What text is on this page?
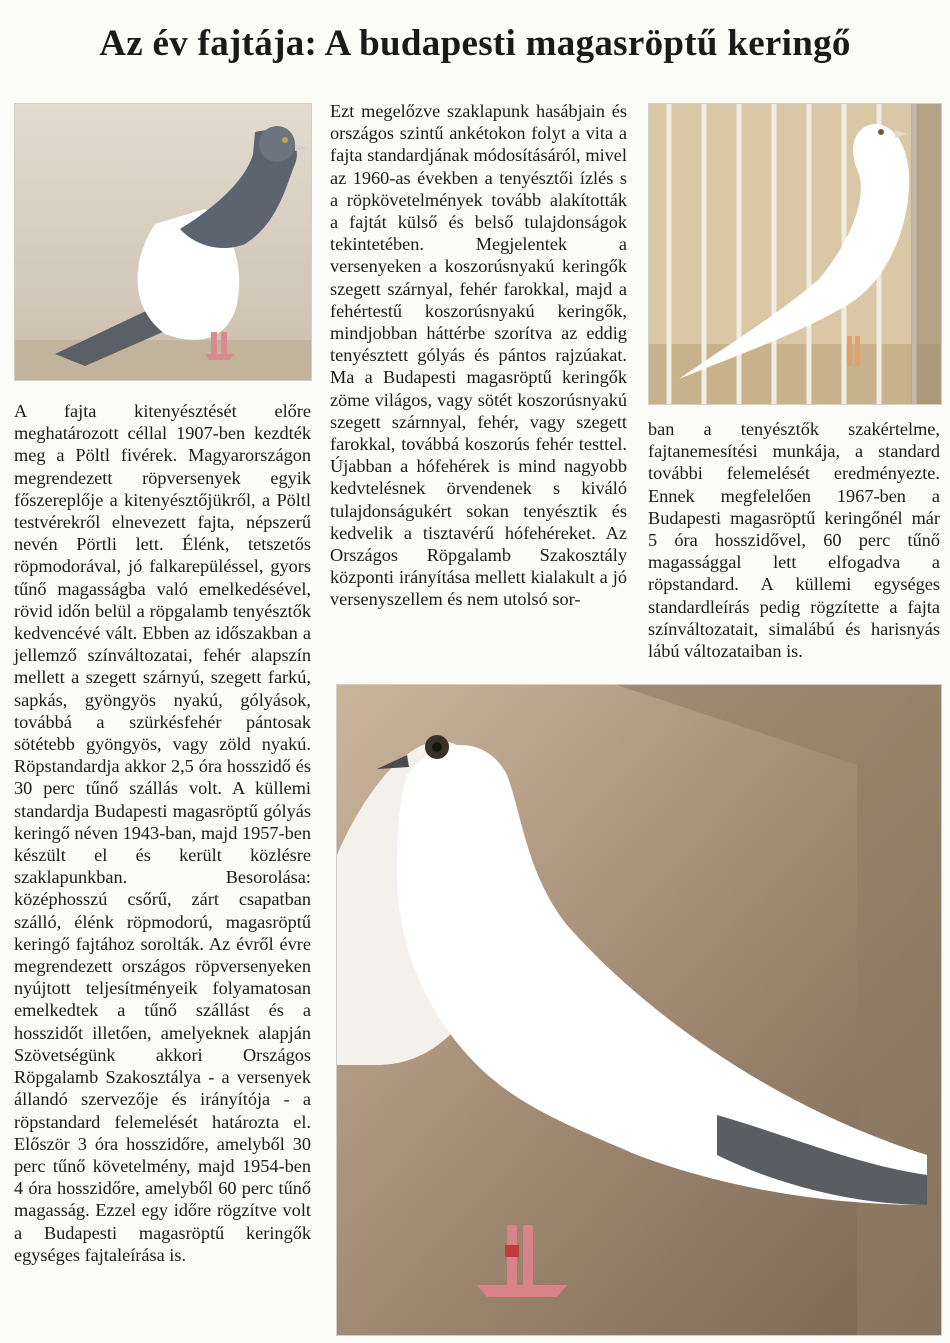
Az év fajtája: A budapesti magasröptű keringő

A fajta kitenyésztését előre meghatározott céllal 1907-ben kezdték meg a Pöltl fivérek. Magyarországon megrendezett röpversenyek egyik főszereplője a kitenyésztőjükről, a Pöltl testvérekről elnevezett fajta, népszerű nevén Pörtli lett. Élénk, tetszetős röpmodorával, jó falkarepüléssel, gyors tűnő magasságba való emelkedésével, rövid időn belül a röpgalamb tenyésztők kedvencévé vált. Ebben az időszakban a jellemző színváltozatai, fehér alapszín mellett a szegett szárnyú, szegett farkú, sapkás, gyöngyös nyakú, gólyások, továbbá a szürkésfehér pántosak sötétebb gyöngyös, vagy zöld nyakú. Röpstandardja akkor 2,5 óra hosszidő és 30 perc tűnő szállás volt. A küllemi standardja Budapesti magasröptű gólyás keringő néven 1943-ban, majd 1957-ben készült el és került közlésre szaklapunkban. Besorolása: középhosszú csőrű, zárt csapatban szálló, élénk röpmodorú, magasröptű keringő fajtához sorolták. Az évről évre megrendezett országos röpversenyeken nyújtott teljesítményeik folyamatosan emelkedtek a tűnő szállást és a hosszidőt illetően, amelyeknek alapján Szövetségünk akkori Országos Röpgalamb Szakosztálya - a versenyek állandó szervezője és irányítója - a röpstandard felemelését határozta el. Először 3 óra hosszidőre, amelyből 30 perc tűnő követelmény, majd 1954-ben 4 óra hosszidőre, amelyből 60 perc tűnő magasság. Ezzel egy időre rögzítve volt a Budapesti magasröptű keringők egységes fajtaleírása is.

Ezt megelőzve szaklapunk hasábjain és országos szintű ankétokon folyt a vita a fajta standardjának módosításáról, mivel az 1960-as években a tenyésztői ízlés s a röpkövetelmények tovább alakították a fajtát külső és belső tulajdonságok tekintetében. Megjelentek a versenyeken a koszorúsnyakú keringők szegett szárnyal, fehér farokkal, majd a fehértestű koszorúsnyakú keringők, mindjobban háttérbe szorítva az eddig tenyésztett gólyás és pántos rajzúakat. Ma a Budapesti magasröptű keringők zöme világos, vagy sötét koszorúsnyakú szegett szárnnyal, fehér, vagy szegett farokkal, továbbá koszorús fehér testtel. Újabban a hófehérek is mind nagyobb kedvtelésnek örvendenek s kiváló tulajdonságukért sokan tenyésztik és kedvelik a tisztavérű hófehéreket. Az Országos Röpgalamb Szakosztály központi irányítása mellett kialakult a jó versenyszellem és nem utolsó sor-

ban a tenyésztők szakértelme, fajtanemesítési munkája, a standard további felemelését eredményezte. Ennek megfelelően 1967-ben a Budapesti magasröptű keringőnél már 5 óra hosszidővel, 60 perc tűnő magassággal lett elfogadva a röpstandard. A küllemi egységes standardleírás pedig rögzítette a fajta színváltozatait, simalábú és harisnyás lábú változataiban is.
